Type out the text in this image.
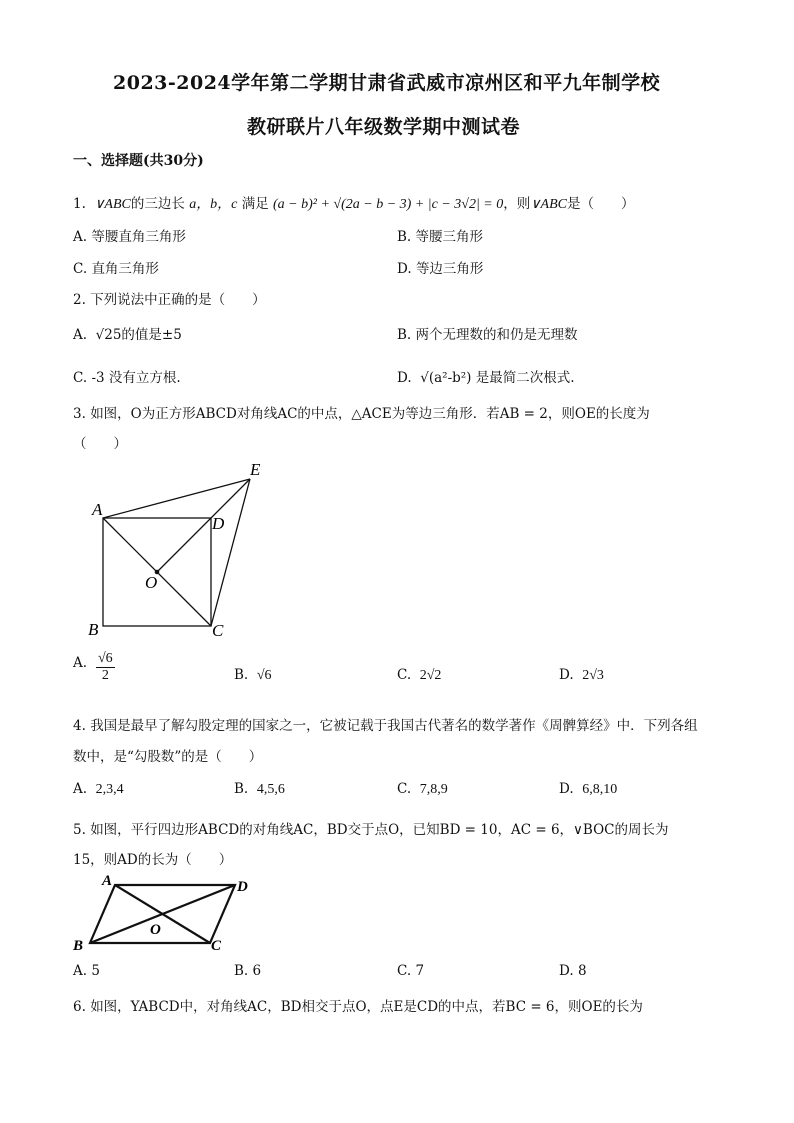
2023-2024学年第二学期甘肃省武威市凉州区和平九年制学校
教研联片八年级数学期中测试卷
一、选择题(共30分)
1. ∨ABC的三边长 a，b，c 满足 (a − b)² + √(2a − b − 3) + |c − 3√2| = 0，则∨ABC是（　　）
A. 等腰直角三角形	B. 等腰三角形
C. 直角三角形	D. 等边三角形
2. 下列说法中正确的是（　　）
A. √25的值是±5	B. 两个无理数的和仍是无理数
C. -3 没有立方根.	D. √(a²-b²) 是最简二次根式.
3. 如图，O为正方形ABCD对角线AC的中点，△ACE为等边三角形．若AB = 2，则OE的长度为
（　　）
A
B	C
D
E
O
A. √6
2	B. √6	C. 2√2	D. 2√3
4. 我国是最早了解勾股定理的国家之一，它被记载于我国古代著名的数学著作《周髀算经》中．下列各组
数中，是“勾股数”的是（　　）
A. 2,3,4	B. 4,5,6	C. 7,8,9	D. 6,8,10
5. 如图，平行四边形ABCD的对角线AC，BD交于点O，已知BD = 10，AC = 6，∨BOC的周长为
15，则AD的长为（　　）
A	D
B	C
O
A. 5	B. 6	C. 7	D. 8
6. 如图，YABCD中，对角线AC，BD相交于点O，点E是CD的中点，若BC = 6，则OE的长为
